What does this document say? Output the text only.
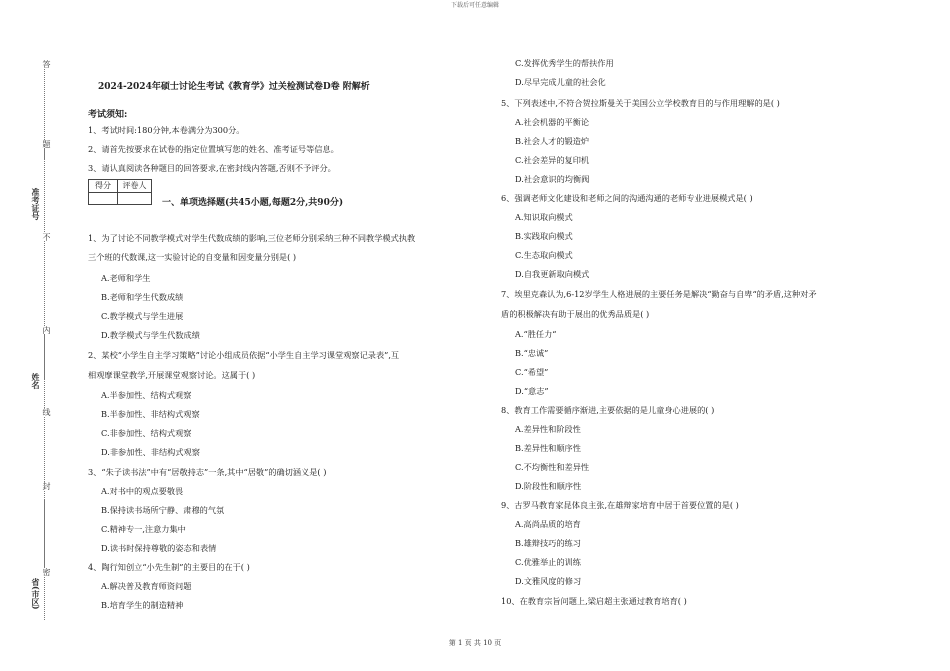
下载后可任意编辑
准考证号
姓名
省(市区)
答
题
不
内
线
封
密
2024-2024年硕士讨论生考试《教育学》过关检测试卷D卷 附解析
考试须知:
1、考试时间:180分钟,本卷满分为300分。
2、请首先按要求在试卷的指定位置填写您的姓名、准考证号等信息。
3、请认真阅读各种题目的回答要求,在密封线内答题,否则不予评分。
得分	评卷人
一、单项选择题(共45小题,每题2分,共90分)
1、为了讨论不同教学模式对学生代数成绩的影响,三位老师分别采纳三种不同教学模式执教
三个班的代数课,这一实验讨论的自变量和因变量分别是( )
A.老师和学生
B.老师和学生代数成绩
C.教学模式与学生进展
D.教学模式与学生代数成绩
2、某校“小学生自主学习策略”讨论小组成员依据“小学生自主学习课堂观察记录表”,互
相观摩课堂教学,开展课堂观察讨论。这属于( )
A.半参加性、结构式观察
B.半参加性、非结构式观察
C.非参加性、结构式观察
D.非参加性、非结构式观察
3、“朱子读书法”中有“居敬持志”一条,其中“居敬”的确切涵义是( )
A.对书中的观点要敬畏
B.保持读书场所宁静、肃穆的气氛
C.精神专一,注意力集中
D.读书时保持尊敬的姿态和表情
4、陶行知创立“小先生制”的主要目的在于( )
A.解决普及教育师资问题
B.培育学生的制造精神
C.发挥优秀学生的帮扶作用
D.尽早完成儿童的社会化
5、下列表述中,不符合贺拉斯曼关于美国公立学校教育目的与作用理解的是( )
A.社会机器的平衡论
B.社会人才的锻造炉
C.社会差异的复印机
D.社会意识的均衡阀
6、强调老师文化建设和老师之间的沟通沟通的老师专业进展模式是( )
A.知识取向模式
B.实践取向模式
C.生态取向模式
D.自我更新取向模式
7、埃里克森认为,6-12岁学生人格进展的主要任务是解决“勤奋与自卑“的矛盾,这种对矛
盾的积极解决有助于展出的优秀品质是( )
A.“胜任力“
B.“忠诚”
C.“希望”
D.“意志”
8、教育工作需要循序渐进,主要依据的是儿童身心进展的( )
A.差异性和阶段性
B.差异性和顺序性
C.不均衡性和差异性
D.阶段性和顺序性
9、古罗马教育家昆体良主张,在雄辩家培育中居于首要位置的是( )
A.高尚品质的培育
B.雄辩技巧的练习
C.优雅举止的训练
D.文雅风度的修习
10、在教育宗旨问题上,梁启超主张通过教育培育( )
第 1 页 共 10 页
